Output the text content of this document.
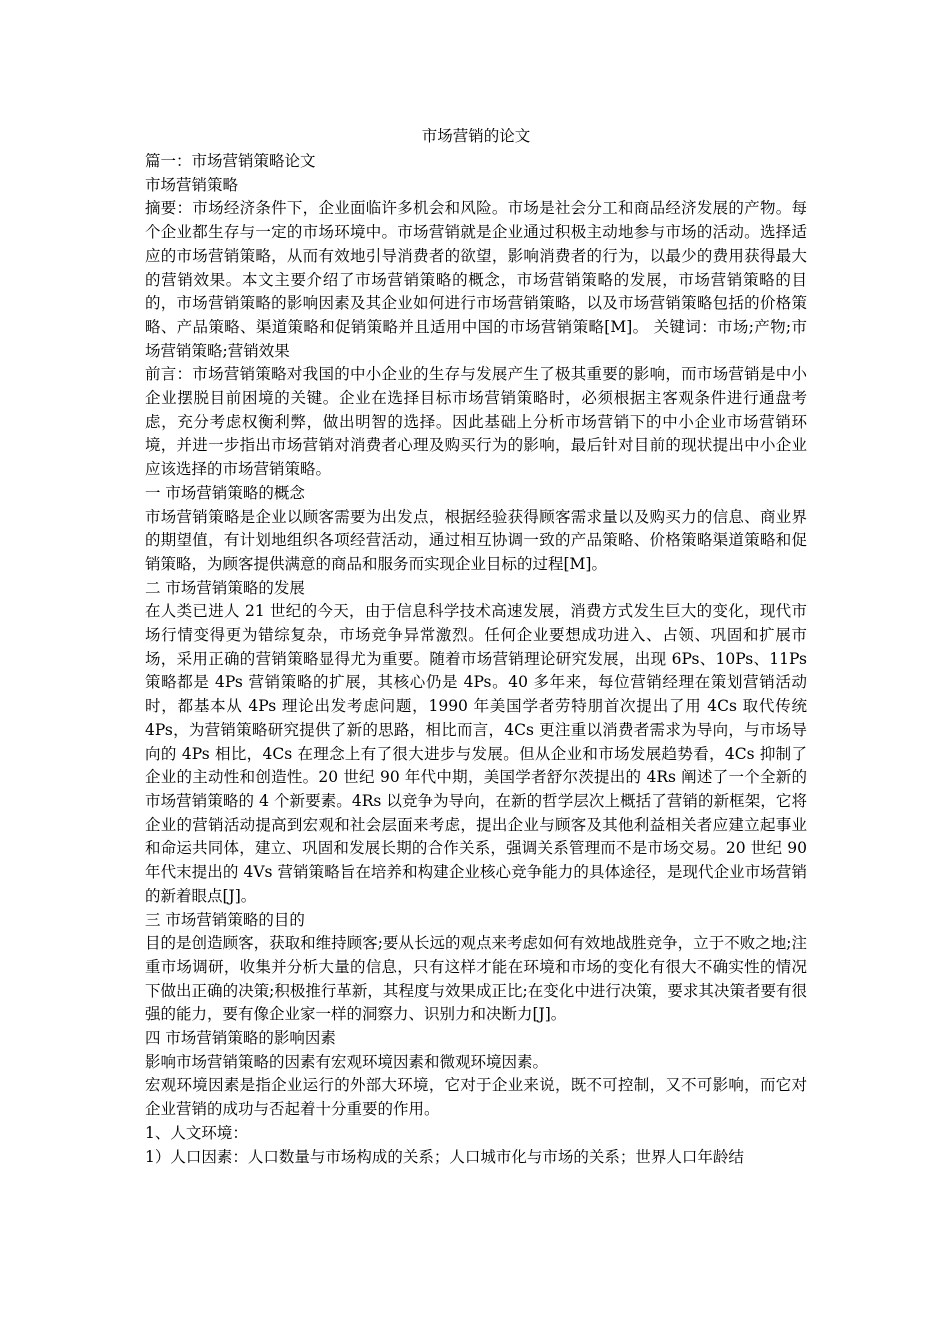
市场营销的论文

篇一：市场营销策略论文

市场营销策略

摘要：市场经济条件下，企业面临许多机会和风险。市场是社会分工和商品经济发展的产物。每个企业都生存与一定的市场环境中。市场营销就是企业通过积极主动地参与市场的活动。选择适应的市场营销策略，从而有效地引导消费者的欲望，影响消费者的行为，以最少的费用获得最大的营销效果。本文主要介绍了市场营销策略的概念，市场营销策略的发展，市场营销策略的目的，市场营销策略的影响因素及其企业如何进行市场营销策略，以及市场营销策略包括的价格策略、产品策略、渠道策略和促销策略并且适用中国的市场营销策略[M]。 关键词：市场;产物;市场营销策略;营销效果

前言：市场营销策略对我国的中小企业的生存与发展产生了极其重要的影响，而市场营销是中小企业摆脱目前困境的关键。企业在选择目标市场营销策略时，必须根据主客观条件进行通盘考虑，充分考虑权衡利弊，做出明智的选择。因此基础上分析市场营销下的中小企业市场营销环境，并进一步指出市场营销对消费者心理及购买行为的影响，最后针对目前的现状提出中小企业应该选择的市场营销策略。

一 市场营销策略的概念

市场营销策略是企业以顾客需要为出发点，根据经验获得顾客需求量以及购买力的信息、商业界的期望值，有计划地组织各项经营活动，通过相互协调一致的产品策略、价格策略渠道策略和促销策略，为顾客提供满意的商品和服务而实现企业目标的过程[M]。

二 市场营销策略的发展

在人类已进人 21 世纪的今天，由于信息科学技术高速发展，消费方式发生巨大的变化，现代市场行情变得更为错综复杂，市场竞争异常激烈。任何企业要想成功进入、占领、巩固和扩展市场，采用正确的营销策略显得尤为重要。随着市场营销理论研究发展，出现 6Ps、10Ps、11Ps 策略都是 4Ps 营销策略的扩展，其核心仍是 4Ps。40 多年来，每位营销经理在策划营销活动时，都基本从 4Ps 理论出发考虑问题，1990 年美国学者劳特朋首次提出了用 4Cs 取代传统 4Ps，为营销策略研究提供了新的思路，相比而言，4Cs 更注重以消费者需求为导向，与市场导向的 4Ps 相比，4Cs 在理念上有了很大进步与发展。但从企业和市场发展趋势看，4Cs 抑制了企业的主动性和创造性。20 世纪 90 年代中期，美国学者舒尔茨提出的 4Rs 阐述了一个全新的市场营销策略的 4 个新要素。4Rs 以竞争为导向，在新的哲学层次上概括了营销的新框架，它将企业的营销活动提高到宏观和社会层面来考虑，提出企业与顾客及其他利益相关者应建立起事业和命运共同体，建立、巩固和发展长期的合作关系，强调关系管理而不是市场交易。20 世纪 90 年代末提出的 4Vs 营销策略旨在培养和构建企业核心竞争能力的具体途径，是现代企业市场营销的新着眼点[J]。

三 市场营销策略的目的

目的是创造顾客，获取和维持顾客;要从长远的观点来考虑如何有效地战胜竞争，立于不败之地;注重市场调研，收集并分析大量的信息，只有这样才能在环境和市场的变化有很大不确实性的情况下做出正确的决策;积极推行革新，其程度与效果成正比;在变化中进行决策，要求其决策者要有很强的能力，要有像企业家一样的洞察力、识别力和决断力[J]。

四 市场营销策略的影响因素

影响市场营销策略的因素有宏观环境因素和微观环境因素。

宏观环境因素是指企业运行的外部大环境，它对于企业来说，既不可控制，又不可影响，而它对企业营销的成功与否起着十分重要的作用。

1、人文环境：

1）人口因素：人口数量与市场构成的关系；人口城市化与市场的关系；世界人口年龄结
